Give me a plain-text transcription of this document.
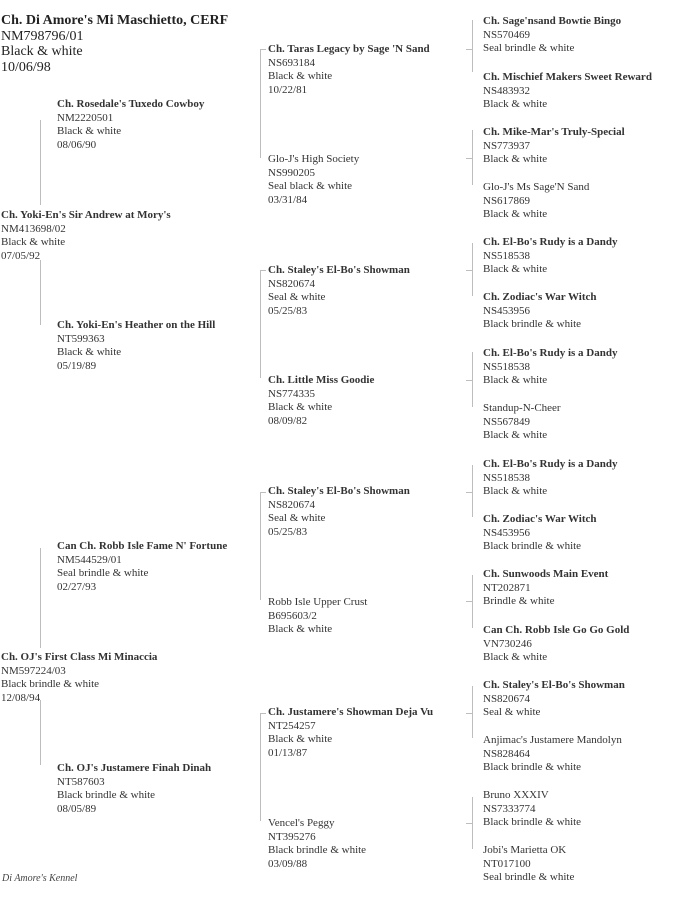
Ch. Di Amore's Mi Maschietto, CERF
NM798796/01
Black & white
10/06/98
Ch. Yoki-En's Sir Andrew at Mory's
NM413698/02
Black & white
07/05/92
Ch. OJ's First Class Mi Minaccia
NM597224/03
Black brindle & white
12/08/94
Ch. Rosedale's Tuxedo Cowboy
NM2220501
Black & white
08/06/90
Ch. Yoki-En's Heather on the Hill
NT599363
Black & white
05/19/89
Can Ch. Robb Isle Fame N' Fortune
NM544529/01
Seal brindle & white
02/27/93
Ch. OJ's Justamere Finah Dinah
NT587603
Black brindle & white
08/05/89
Ch. Taras Legacy by Sage 'N Sand
NS693184
Black & white
10/22/81
Glo-J's High Society
NS990205
Seal black & white
03/31/84
Ch. Staley's El-Bo's Showman
NS820674
Seal & white
05/25/83
Ch. Little Miss Goodie
NS774335
Black & white
08/09/82
Ch. Staley's El-Bo's Showman
NS820674
Seal & white
05/25/83
Robb Isle Upper Crust
B695603/2
Black & white
Ch. Justamere's Showman Deja Vu
NT254257
Black & white
01/13/87
Vencel's Peggy
NT395276
Black brindle & white
03/09/88
Ch. Sage'nsand Bowtie Bingo
NS570469
Seal brindle & white
Ch. Mischief Makers Sweet Reward
NS483932
Black & white
Ch. Mike-Mar's Truly-Special
NS773937
Black & white
Glo-J's Ms Sage'N Sand
NS617869
Black & white
Ch. El-Bo's Rudy is a Dandy
NS518538
Black & white
Ch. Zodiac's War Witch
NS453956
Black brindle & white
Ch. El-Bo's Rudy is a Dandy
NS518538
Black & white
Standup-N-Cheer
NS567849
Black & white
Ch. El-Bo's Rudy is a Dandy
NS518538
Black & white
Ch. Zodiac's War Witch
NS453956
Black brindle & white
Ch. Sunwoods Main Event
NT202871
Brindle & white
Can Ch. Robb Isle Go Go Gold
VN730246
Black & white
Ch. Staley's El-Bo's Showman
NS820674
Seal & white
Anjimac's Justamere Mandolyn
NS828464
Black brindle & white
Bruno XXXIV
NS7333774
Black brindle & white
Jobi's Marietta OK
NT017100
Seal brindle & white
Di Amore's Kennel
